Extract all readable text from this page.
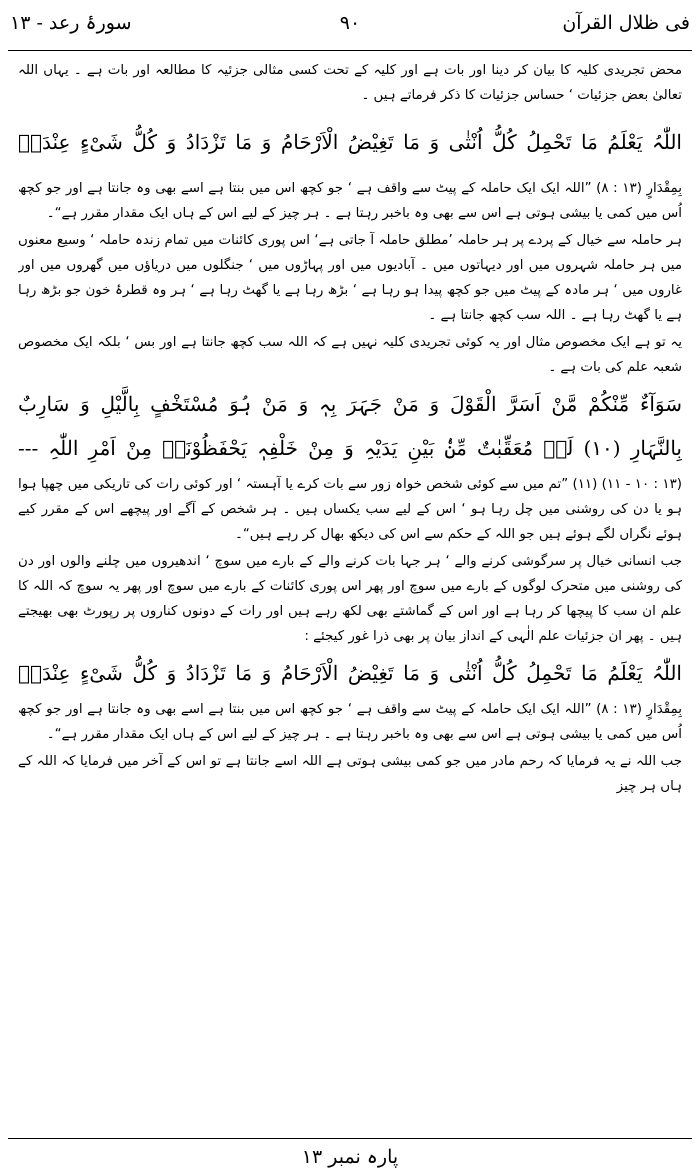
فی ظلال القرآن
۹۰
سورۂ رعد - ۱۳

محض تجریدی کلیہ کا بیان کر دینا اور بات ہے اور کلیہ کے تحت کسی مثالی جزئیہ کا مطالعہ اور بات ہے ۔ یہاں اللہ تعالیٰ بعض جزئیات ‘ حساس جزئیات کا ذکر فرماتے ہیں ۔

اللّٰہُ یَعْلَمُ مَا تَحْمِلُ کُلُّ اُنْثٰی وَ مَا تَغِیْضُ الْاَرْحَامُ وَ مَا تَزْدَادُ وَ کُلُّ شَیْءٍ عِنْدَہٗ

بِمِقْدَارٍ (۱۳ : ۸) ”اللہ ایک ایک حاملہ کے پیٹ سے واقف ہے ‘ جو کچھ اس میں بنتا ہے اسے بھی وہ جانتا ہے اور جو کچھ اُس میں کمی یا بیشی ہوتی ہے اس سے بھی وہ باخبر رہتا ہے ۔ ہر چیز کے لیے اس کے ہاں ایک مقدار مقرر ہے“۔

ہر حاملہ سے خیال کے پردے پر ہر حاملہ ’مطلق حاملہ آ جاتی ہے‘ اس پوری کائنات میں تمام زندہ حاملہ ‘ وسیع معنوں میں ہر حاملہ شہروں میں اور دیہاتوں میں ۔ آبادیوں میں اور پہاڑوں میں ‘ جنگلوں میں دریاؤں میں گھروں میں اور غاروں میں ‘ ہر مادہ کے پیٹ میں جو کچھ پیدا ہو رہا ہے ‘ بڑھ رہا ہے یا گھٹ رہا ہے ‘ ہر وہ قطرۂ خون جو بڑھ رہا ہے یا گھٹ رہا ہے ۔ اللہ سب کچھ جانتا ہے ۔

یہ تو ہے ایک مخصوص مثال اور یہ کوئی تجریدی کلیہ نہیں ہے کہ اللہ سب کچھ جانتا ہے اور بس ‘ بلکہ ایک مخصوص شعبہ علم کی بات ہے ۔

سَوَآءٌ مِّنْکُمْ مَّنْ اَسَرَّ الْقَوْلَ وَ مَنْ جَہَرَ بِہٖ وَ مَنْ ہُوَ مُسْتَخْفٍ بِالَّیْلِ وَ سَارِبٌ

بِالنَّہَارِ (۱۰) لَہٗ مُعَقِّبٰتٌ مِّنْۢ بَیْنِ یَدَیْہِ وَ مِنْ خَلْفِہٖ یَحْفَظُوْنَہٗ مِنْ اَمْرِ اللّٰہِ ---

(۱۳ : ۱۰ - ۱۱) (۱۱) ”تم میں سے کوئی شخص خواہ زور سے بات کرے یا آہستہ ‘ اور کوئی رات کی تاریکی میں چھپا ہوا ہو یا دن کی روشنی میں چل رہا ہو ‘ اس کے لیے سب یکساں ہیں ۔ ہر شخص کے آگے اور پیچھے اس کے مقرر کیے ہوئے نگراں لگے ہوئے ہیں جو اللہ کے حکم سے اس کی دیکھ بھال کر رہے ہیں“۔

جب انسانی خیال پر سرگوشی کرنے والے ‘ ہر جہا بات کرنے والے کے بارے میں سوچ ‘ اندھیروں میں چلنے والوں اور دن کی روشنی میں متحرک لوگوں کے بارے میں سوچ اور پھر اس پوری کائنات کے بارے میں سوچ اور پھر یہ سوچ کہ اللہ کا علم ان سب کا پیچھا کر رہا ہے اور اس کے گماشتے بھی لکھ رہے ہیں اور رات کے دونوں کناروں پر رپورٹ بھی بھیجتے ہیں ۔ پھر ان جزئیات علم الٰہی کے انداز بیان پر بھی ذرا غور کیجئے :

اللّٰہُ یَعْلَمُ مَا تَحْمِلُ کُلُّ اُنْثٰی وَ مَا تَغِیْضُ الْاَرْحَامُ وَ مَا تَزْدَادُ وَ کُلُّ شَیْءٍ عِنْدَہٗ

بِمِقْدَارٍ (۱۳ : ۸) ”اللہ ایک ایک حاملہ کے پیٹ سے واقف ہے ‘ جو کچھ اس میں بنتا ہے اسے بھی وہ جانتا ہے اور جو کچھ اُس میں کمی یا بیشی ہوتی ہے اس سے بھی وہ باخبر رہتا ہے ۔ ہر چیز کے لیے اس کے ہاں ایک مقدار مقرر ہے“۔

جب اللہ نے یہ فرمایا کہ رحم مادر میں جو کمی بیشی ہوتی ہے اللہ اسے جانتا ہے تو اس کے آخر میں فرمایا کہ اللہ کے ہاں ہر چیز

پارہ نمبر ۱۳
